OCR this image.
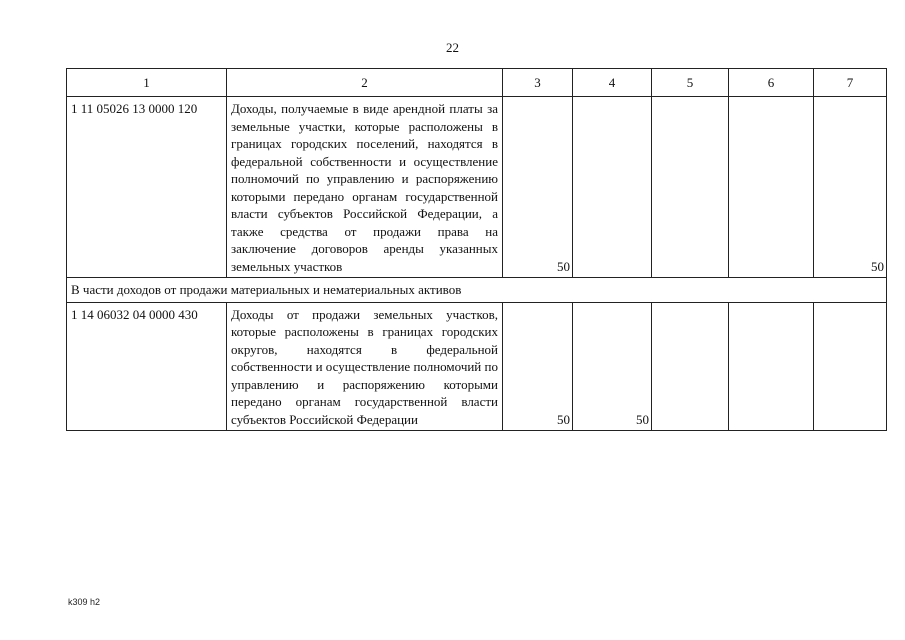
22
1	2	3	4	5	6	7
1 11 05026 13 0000 120	Доходы, получаемые в виде арендной платы за земельные участки, которые расположены в границах городских поселений, находятся в федеральной собственности и осуществление полномочий по управлению и распоряжению которыми передано органам государственной власти субъектов Российской Федерации, а также средства от продажи права на заключение договоров аренды указанных земельных участков	50				50
В части доходов от продажи материальных и нематериальных активов						
1 14 06032 04 0000 430	Доходы от продажи земельных участков, которые расположены в границах городских округов, находятся в федеральной собственности и осуществление полномочий по управлению и распоряжению которыми передано органам государственной власти субъектов Российской Федерации	50	50			
k309 h2
